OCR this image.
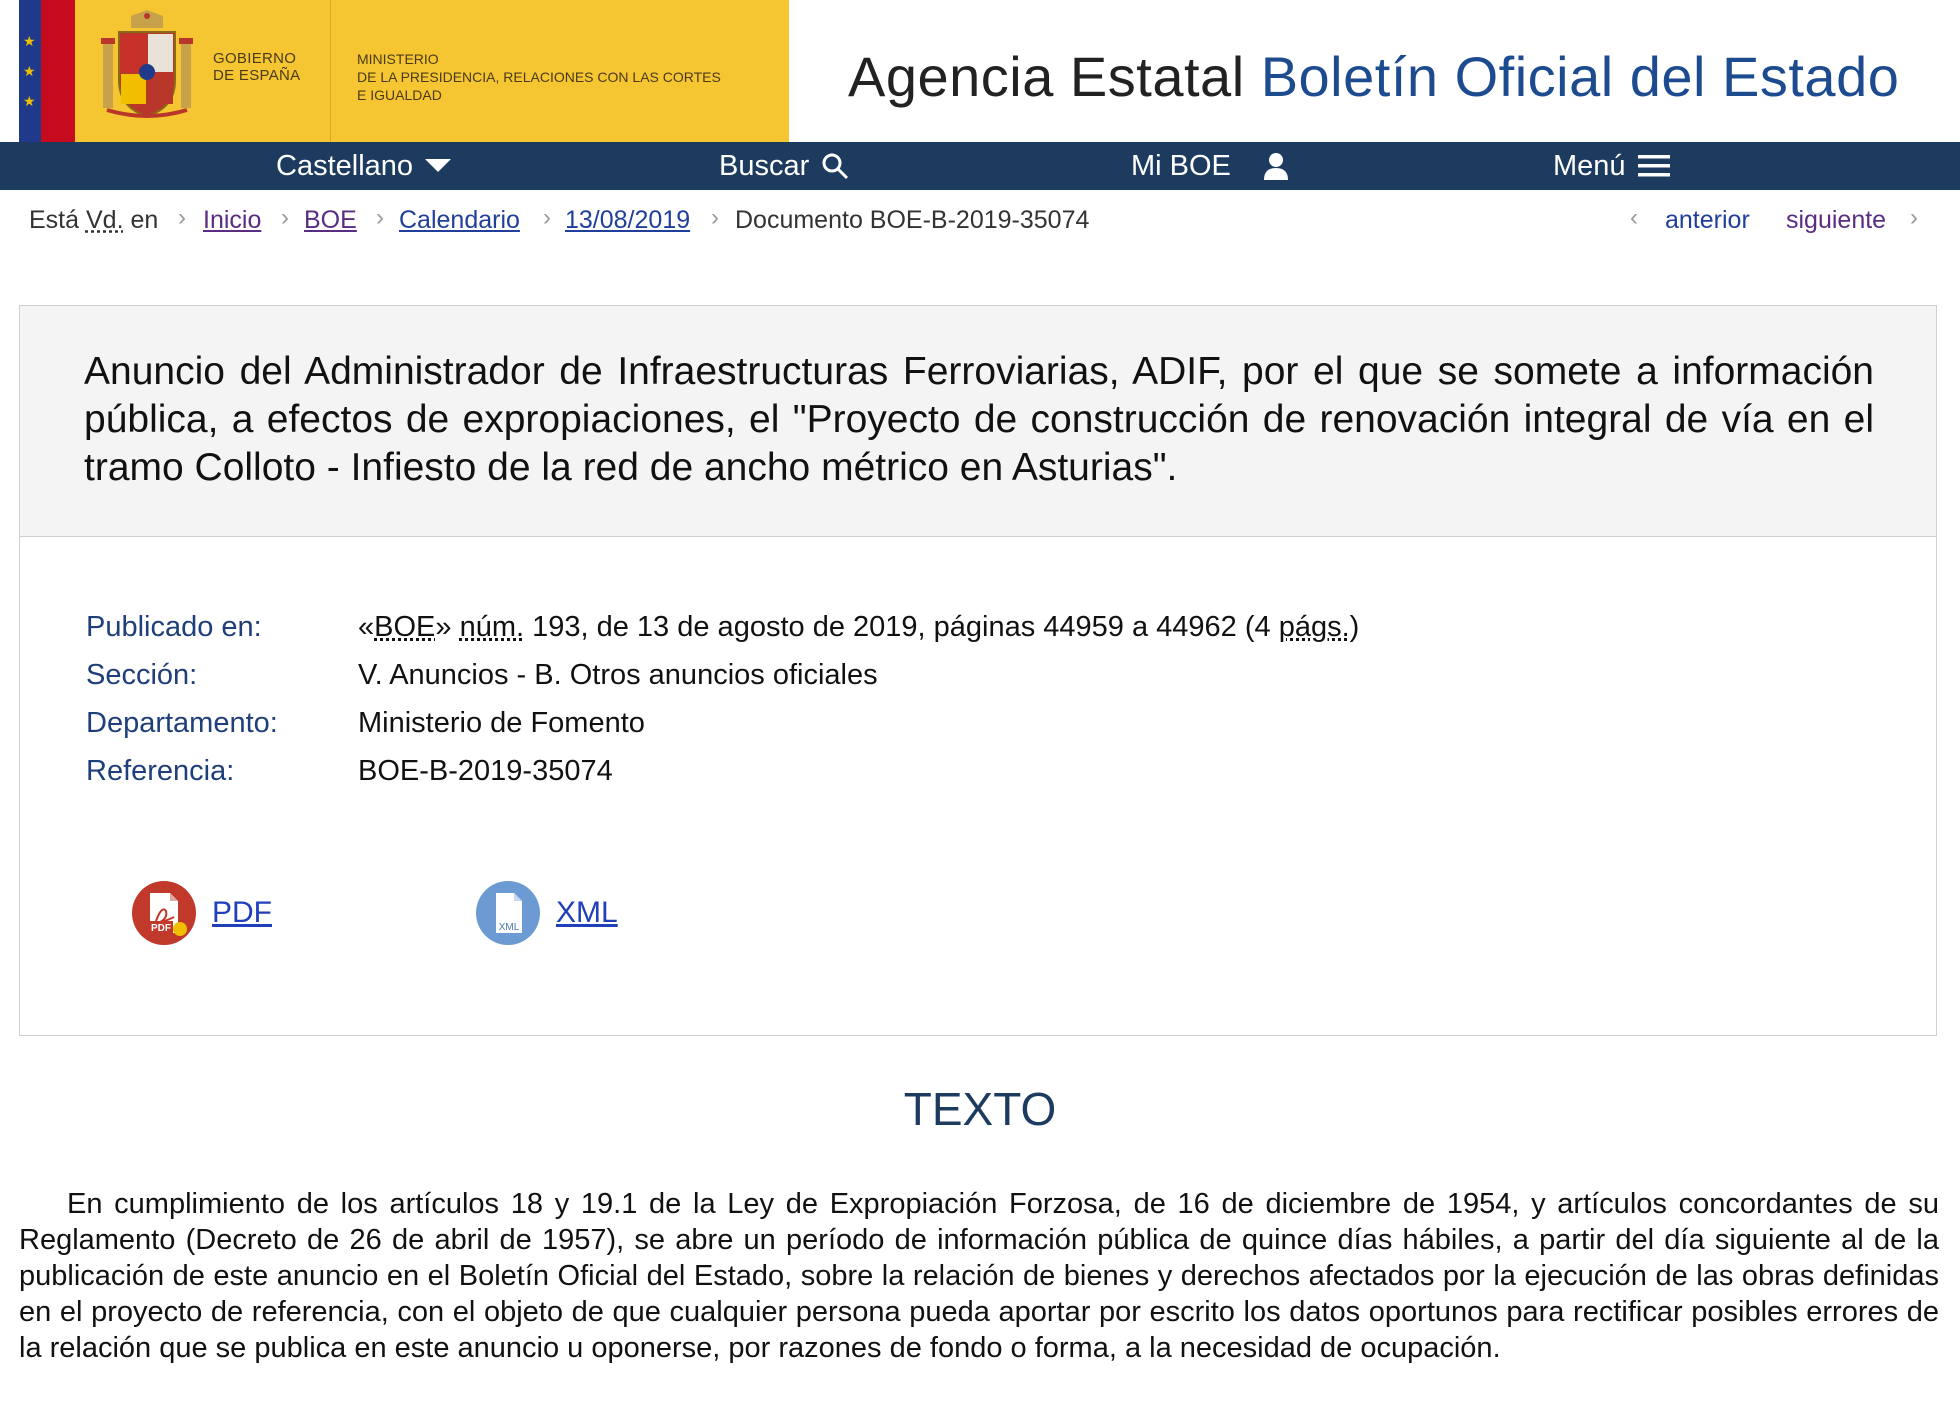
★
★
★
GOBIERNO
DE ESPAÑA
MINISTERIO
DE LA PRESIDENCIA, RELACIONES CON LAS CORTES
E IGUALDAD	Agencia Estatal Boletín Oficial del Estado
Castellano	Buscar	Mi BOE	Menú
Está Vd. en › Inicio › BOE › Calendario › 13/08/2019 › Documento BOE-B-2019-35074	‹ anterior siguiente ›
Anuncio del Administrador de Infraestructuras Ferroviarias, ADIF, por el que se somete a información pública, a efectos de expropiaciones, el "Proyecto de construcción de renovación integral de vía en el tramo Colloto - Infiesto de la red de ancho métrico en Asturias".
Publicado en:	«BOE» núm. 193, de 13 de agosto de 2019, páginas 44959 a 44962 (4 págs.)
Sección:	V. Anuncios - B. Otros anuncios oficiales
Departamento:	Ministerio de Fomento
Referencia:	BOE-B-2019-35074
PDF PDF	XML XML
TEXTO
En cumplimiento de los artículos 18 y 19.1 de la Ley de Expropiación Forzosa, de 16 de diciembre de 1954, y artículos concordantes de su Reglamento (Decreto de 26 de abril de 1957), se abre un período de información pública de quince días hábiles, a partir del día siguiente al de la publicación de este anuncio en el Boletín Oficial del Estado, sobre la relación de bienes y derechos afectados por la ejecución de las obras definidas en el proyecto de referencia, con el objeto de que cualquier persona pueda aportar por escrito los datos oportunos para rectificar posibles errores de la relación que se publica en este anuncio u oponerse, por razones de fondo o forma, a la necesidad de ocupación.
